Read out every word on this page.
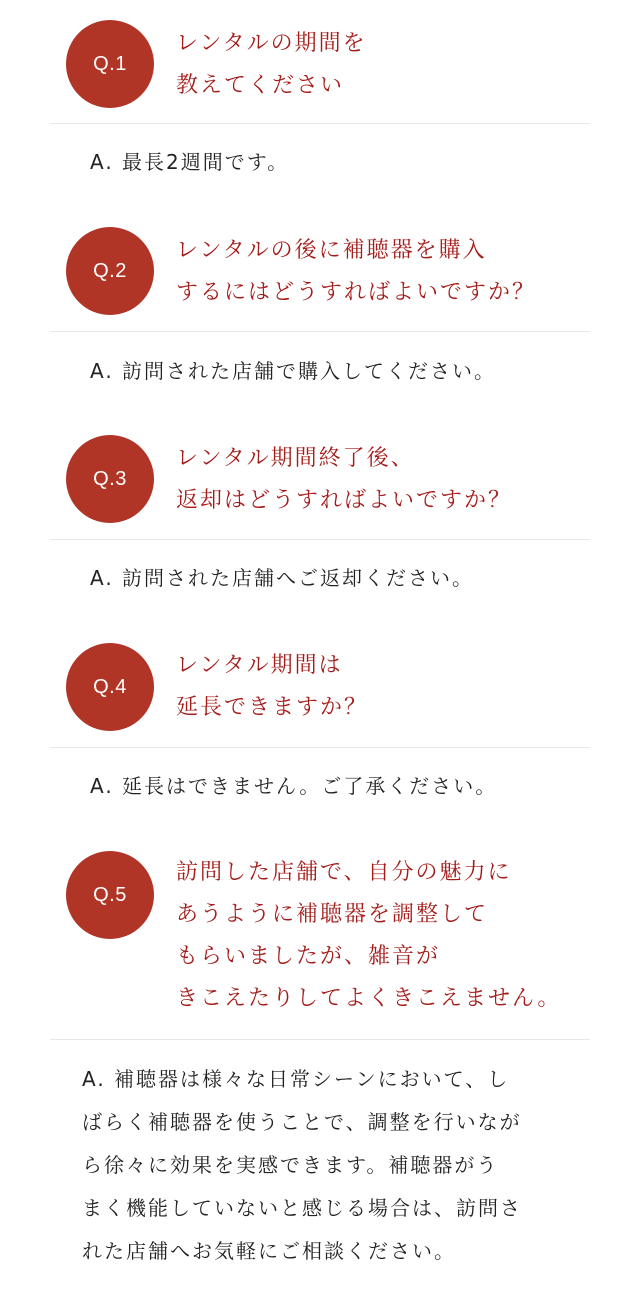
Q.1
レンタルの期間を
教えてください
A. 最長2週間です。
Q.2
レンタルの後に補聴器を購入
するにはどうすればよいですか？
A. 訪問された店舗で購入してください。
Q.3
レンタル期間終了後、
返却はどうすればよいですか？
A. 訪問された店舗へご返却ください。
Q.4
レンタル期間は
延長できますか？
A. 延長はできません。ご了承ください。
Q.5
訪問した店舗で、自分の魅力に
あうように補聴器を調整して
もらいましたが、雑音が
きこえたりしてよくきこえません。
A. 補聴器は様々な日常シーンにおいて、し
ばらく補聴器を使うことで、調整を行いなが
ら徐々に効果を実感できます。補聴器がう
まく機能していないと感じる場合は、訪問さ
れた店舗へお気軽にご相談ください。
